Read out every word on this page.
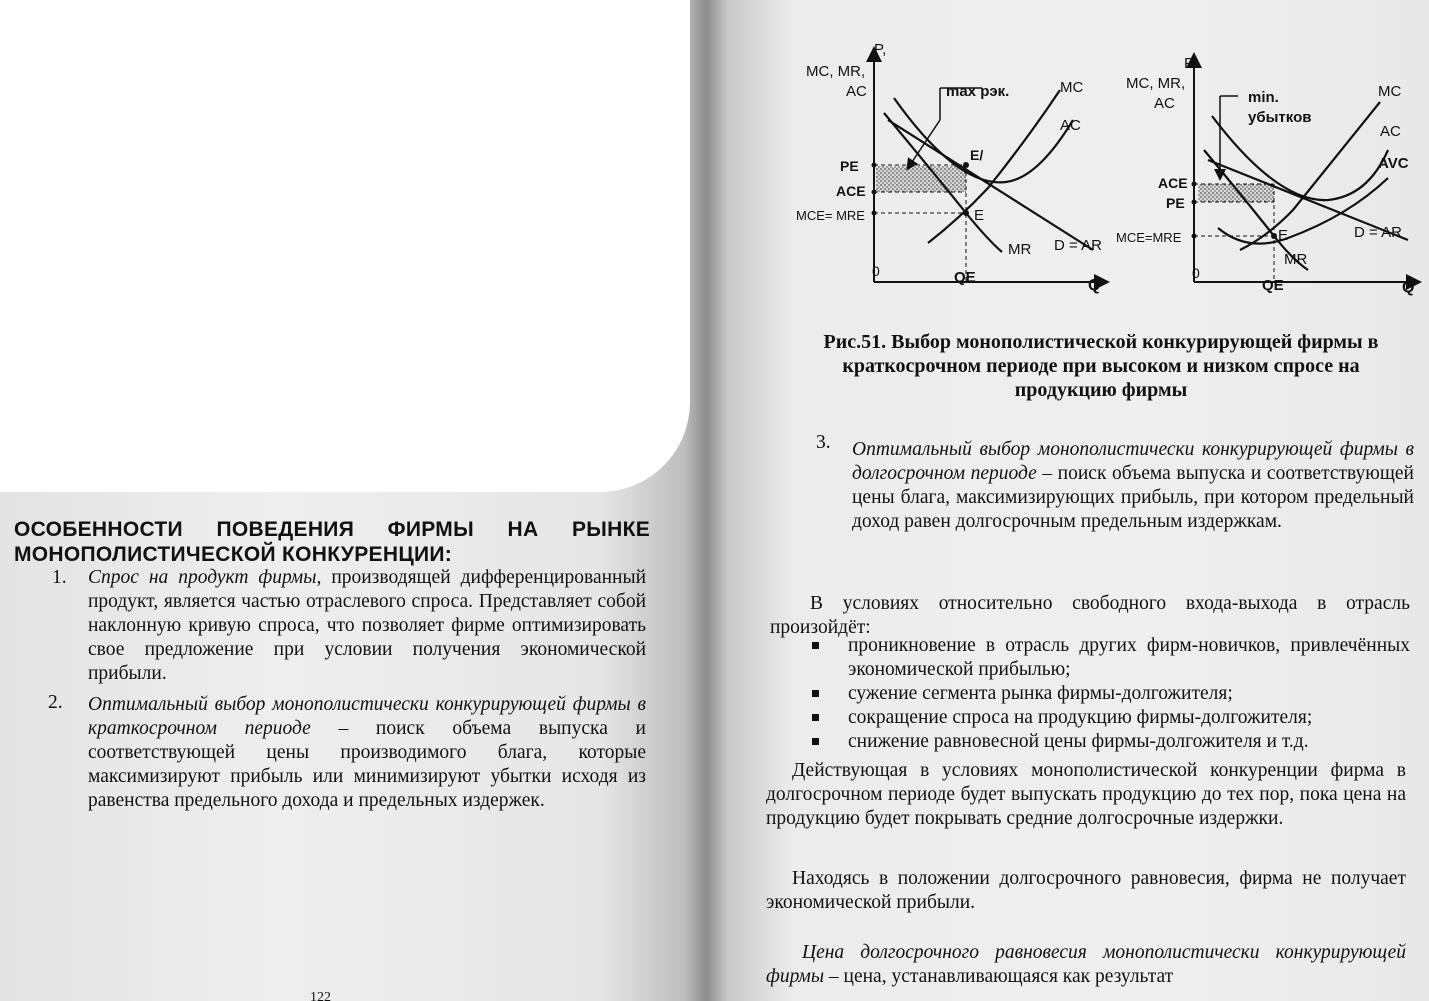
ОСОБЕННОСТИ ПОВЕДЕНИЯ ФИРМЫ НА РЫНКЕ
МОНОПОЛИСТИЧЕСКОЙ КОНКУРЕНЦИИ:
1. Спрос на продукт фирмы, производящей дифференцированный продукт, является частью отраслевого спроса. Представляет собой наклонную кривую спроса, что позволяет фирме оптимизировать свое предложение при условии получения экономической прибыли.
2. Оптимальный выбор монополистически конкурирующей фирмы в краткосрочном периоде – поиск объема выпуска и соответствующей цены производимого блага, которые максимизируют прибыль или минимизируют убытки исходя из равенства предельного дохода и предельных издержек.
122
P,
MC, MR,
AC	max pэк.	MC
AC
MR D = AR
PE
ACE
MCE= MRE	E
E/
0	QE	Q
P,
MC, MR,
AC	min.
убытков
MC
AC
AVC
MR
D = AR
ACE
PE
MCE=MRE	E
0
QE	Q
Рис.51. Выбор монополистической конкурирующей фирмы в краткосрочном периоде при высоком и низком спросе на продукцию фирмы
3. Оптимальный выбор монополистически конкурирующей фирмы в долгосрочном периоде – поиск объема выпуска и соответствующей цены блага, максимизирующих прибыль, при котором предельный доход равен долгосрочным предельным издержкам.
В условиях относительно свободного входа-выхода в отрасль произойдёт:
проникновение в отрасль других фирм-новичков, привлечённых экономической прибылью;
сужение сегмента рынка фирмы-долгожителя;
сокращение спроса на продукцию фирмы-долгожителя;
снижение равновесной цены фирмы-долгожителя и т.д.
Действующая в условиях монополистической конкуренции фирма в долгосрочном периоде будет выпускать продукцию до тех пор, пока цена на продукцию будет покрывать средние долгосрочные издержки.
Находясь в положении долгосрочного равновесия, фирма не получает экономической прибыли.
Цена долгосрочного равновесия монополистически конкурирующей фирмы – цена, устанавливающаяся как результат
